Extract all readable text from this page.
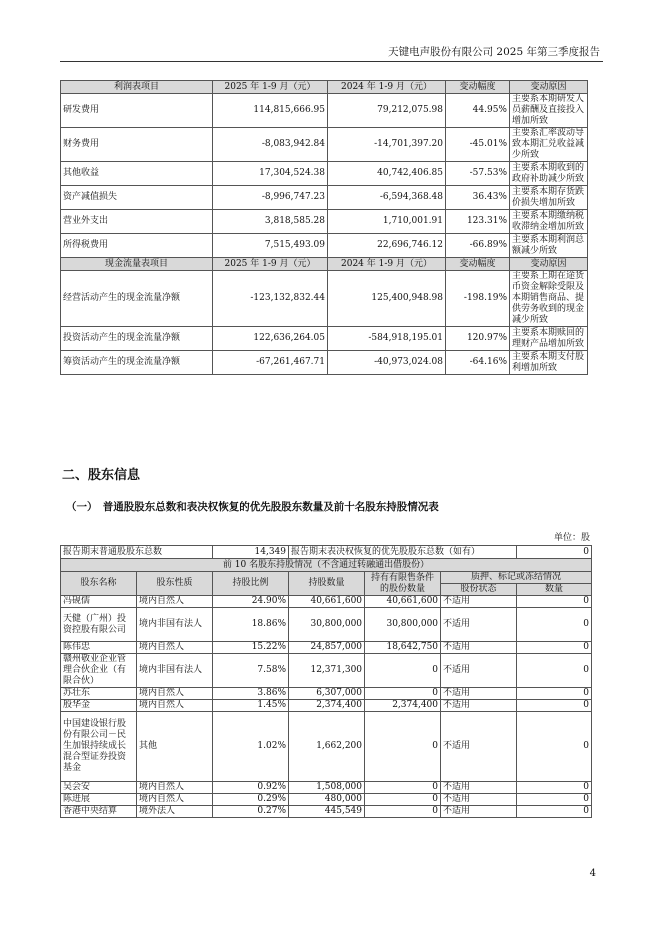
天键电声股份有限公司 2025 年第三季度报告
利润表项目	2025 年 1-9 月（元）	2024 年 1-9 月（元）	变动幅度	变动原因
研发费用	114,815,666.95	79,212,075.98	44.95%	主要系本期研发人员薪酬及直接投入增加所致
财务费用	-8,083,942.84	-14,701,397.20	-45.01%	主要系汇率波动导致本期汇兑收益减少所致
其他收益	17,304,524.38	40,742,406.85	-57.53%	主要系本期收到的政府补助减少所致
资产减值损失	-8,996,747.23	-6,594,368.48	36.43%	主要系本期存货跌价损失增加所致
营业外支出	3,818,585.28	1,710,001.91	123.31%	主要系本期缴纳税收滞纳金增加所致
所得税费用	7,515,493.09	22,696,746.12	-66.89%	主要系本期利润总额减少所致
现金流量表项目	2025 年 1-9 月（元）	2024 年 1-9 月（元）	变动幅度	变动原因
经营活动产生的现金流量净额	-123,132,832.44	125,400,948.98	-198.19%	主要系上期在途货币资金解除受限及本期销售商品、提供劳务收到的现金减少所致
投资活动产生的现金流量净额	122,636,264.05	-584,918,195.01	120.97%	主要系本期赎回的理财产品增加所致
筹资活动产生的现金流量净额	-67,261,467.71	-40,973,024.08	-64.16%	主要系本期支付股利增加所致
二、股东信息
（一）　普通股股东总数和表决权恢复的优先股股东数量及前十名股东持股情况表
单位：股
报告期末普通股股东总数		14,349	报告期末表决权恢复的优先股股东总数（如有）			0
前 10 名股东持股情况（不含通过转融通出借股份）						
股东名称	股东性质	持股比例	持股数量	持有有限售条件的股份数量	质押、标记或冻结情况	
					股份状态	数量
冯砚儒	境内自然人	24.90%	40,661,600	40,661,600	不适用	0
天健（广州）投资控股有限公司	境内非国有法人	18.86%	30,800,000	30,800,000	不适用	0
陈伟忠	境内自然人	15.22%	24,857,000	18,642,750	不适用	0
赣州敬业企业管理合伙企业（有限合伙）	境内非国有法人	7.58%	12,371,300	0	不适用	0
苏壮东	境内自然人	3.86%	6,307,000	0	不适用	0
殷华金	境内自然人	1.45%	2,374,400	2,374,400	不适用	0
中国建设银行股份有限公司－民生加银持续成长混合型证券投资基金	其他	1.02%	1,662,200	0	不适用	0
吴会安	境内自然人	0.92%	1,508,000	0	不适用	0
陈进展	境内自然人	0.29%	480,000	0	不适用	0
香港中央结算	境外法人	0.27%	445,549	0	不适用	0
4
